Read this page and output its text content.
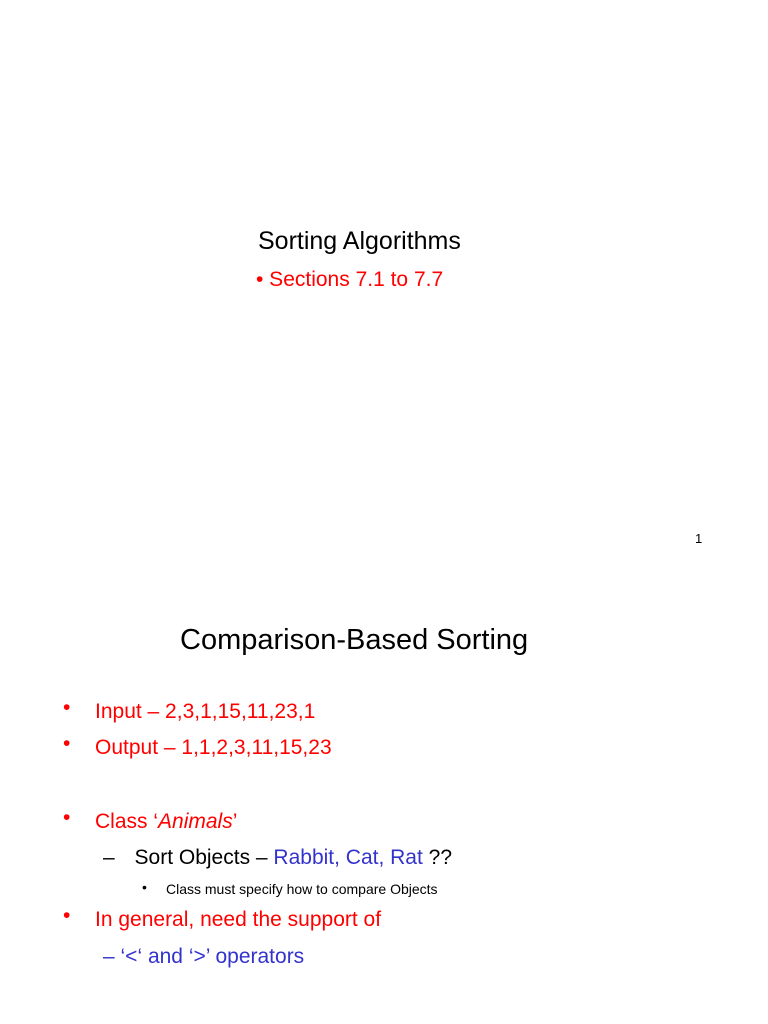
Sorting Algorithms
• Sections 7.1 to 7.7
1
Comparison-Based Sorting
• Input – 2,3,1,15,11,23,1
• Output – 1,1,2,3,11,15,23
• Class ‘Animals’
– Sort Objects – Rabbit, Cat, Rat ??
• Class must specify how to compare Objects
• In general, need the support of
– ‘<‘ and ‘>’ operators
